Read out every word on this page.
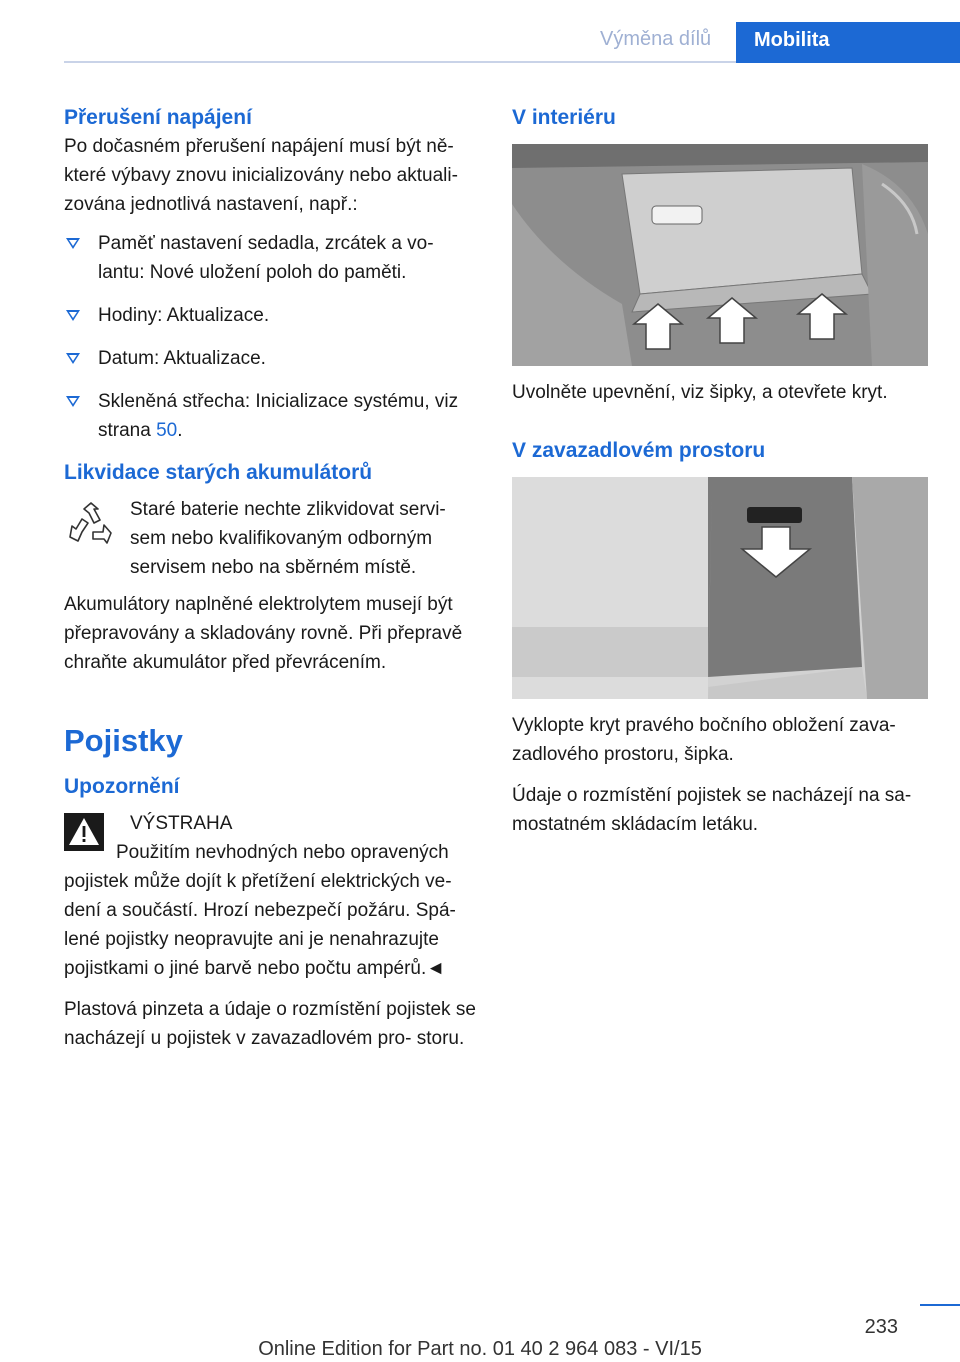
Výměna dílů	Mobilita
Přerušení napájení

Po dočasném přerušení napájení musí být ně‐ které výbavy znovu inicializovány nebo aktuali‐ zována jednotlivá nastavení, např.:

Paměť nastavení sedadla, zrcátek a vo‐ lantu: Nové uložení poloh do paměti.
Hodiny: Aktualizace.
Datum: Aktualizace.
Skleněná střecha: Inicializace systému, viz strana 50.
Likvidace starých akumulátorů

Staré baterie nechte zlikvidovat servi‐ sem nebo kvalifikovaným odborným servisem nebo na sběrném místě.

Akumulátory naplněné elektrolytem musejí být přepravovány a skladovány rovně. Při přepravě chraňte akumulátor před převrácením.

Pojistky
Upozornění

VÝSTRAHA

Použitím nevhodných nebo opravených pojistek může dojít k přetížení elektrických ve‐ dení a součástí. Hrozí nebezpečí požáru. Spá‐ lené pojistky neopravujte ani je nenahrazujte pojistkami o jiné barvě nebo počtu ampérů.◄

Plastová pinzeta a údaje o rozmístění pojistek se nacházejí u pojistek v zavazadlovém pro‐ storu.

V interiéru

Uvolněte upevnění, viz šipky, a otevřete kryt.

V zavazadlovém prostoru

Vyklopte kryt pravého bočního obložení zava‐ zadlového prostoru, šipka.

Údaje o rozmístění pojistek se nacházejí na sa‐ mostatném skládacím letáku.

233
Online Edition for Part no. 01 40 2 964 083 - VI/15
